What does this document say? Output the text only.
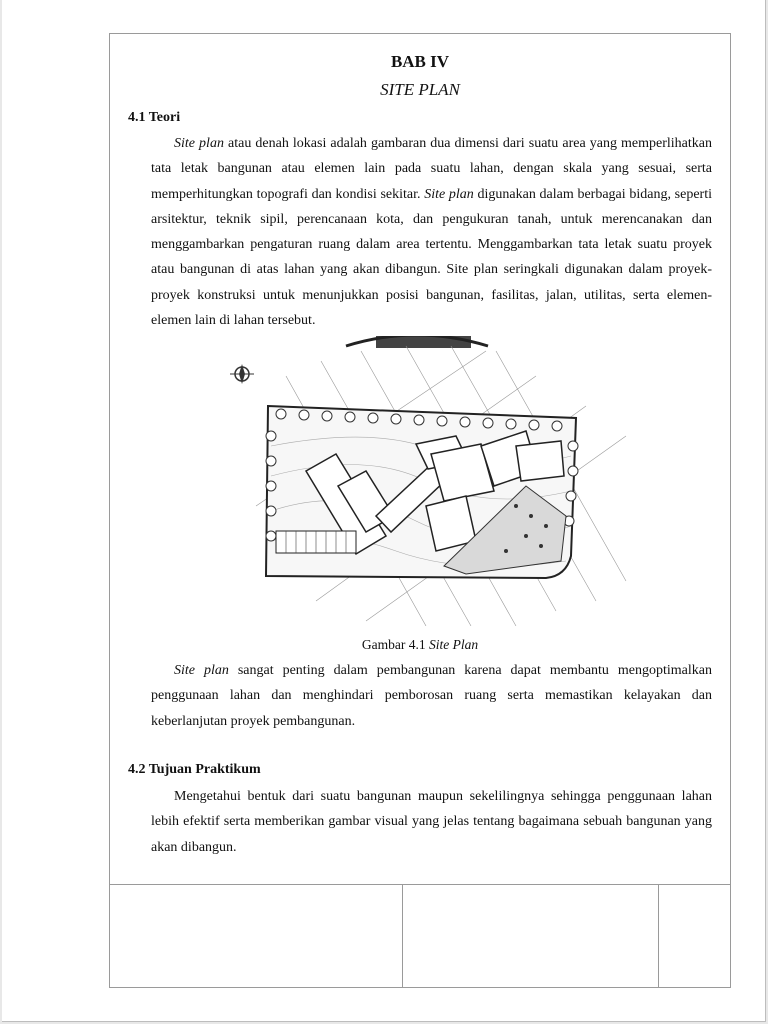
BAB IV
SITE PLAN
4.1 Teori

Site plan atau denah lokasi adalah gambaran dua dimensi dari suatu area yang memperlihatkan tata letak bangunan atau elemen lain pada suatu lahan, dengan skala yang sesuai, serta memperhitungkan topografi dan kondisi sekitar. Site plan digunakan dalam berbagai bidang, seperti arsitektur, teknik sipil, perencanaan kota, dan pengukuran tanah, untuk merencanakan dan menggambarkan pengaturan ruang dalam area tertentu. Menggambarkan tata letak suatu proyek atau bangunan di atas lahan yang akan dibangun. Site plan seringkali digunakan dalam proyek-proyek konstruksi untuk menunjukkan posisi bangunan, fasilitas, jalan, utilitas, serta elemen-elemen lain di lahan tersebut.

Gambar 4.1 Site Plan

Site plan sangat penting dalam pembangunan karena dapat membantu mengoptimalkan penggunaan lahan dan menghindari pemborosan ruang serta memastikan kelayakan dan keberlanjutan proyek pembangunan.

4.2 Tujuan Praktikum

Mengetahui bentuk dari suatu bangunan maupun sekelilingnya sehingga penggunaan lahan lebih efektif serta memberikan gambar visual yang jelas tentang bagaimana sebuah bangunan yang akan dibangun.
